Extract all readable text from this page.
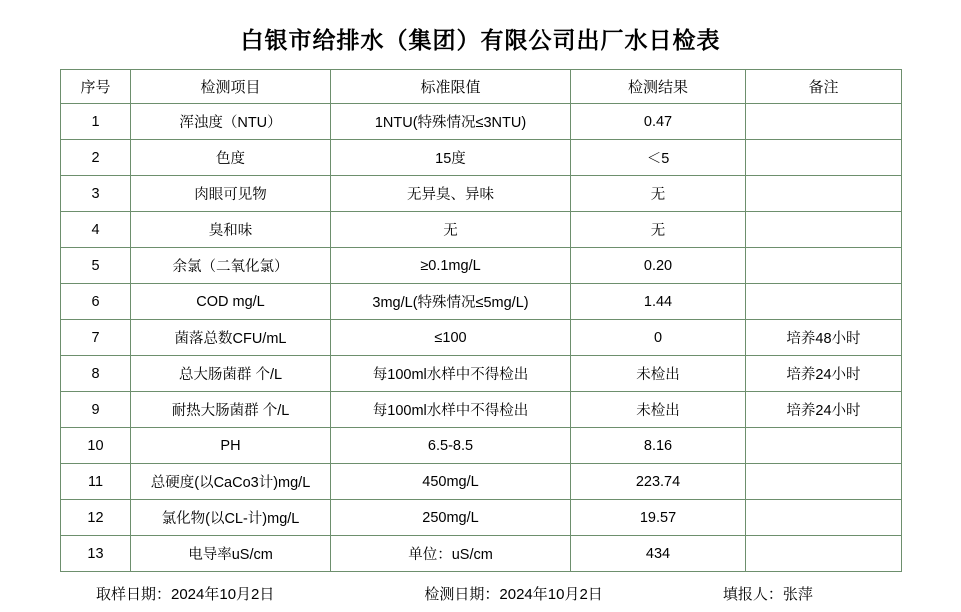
白银市给排水（集团）有限公司出厂水日检表
序号	检测项目	标准限值	检测结果	备注
1	浑浊度（NTU）	1NTU(特殊情况≤3NTU)	0.47	
2	色度	15度	＜5	
3	肉眼可见物	无异臭、异味	无	
4	臭和味	无	无	
5	余氯（二氧化氯）	≥0.1mg/L	0.20	
6	COD mg/L	3mg/L(特殊情况≤5mg/L)	1.44	
7	菌落总数CFU/mL	≤100	0	培养48小时
8	总大肠菌群 个/L	每100ml水样中不得检出	未检出	培养24小时
9	耐热大肠菌群 个/L	每100ml水样中不得检出	未检出	培养24小时
10	PH	6.5-8.5	8.16	
11	总硬度(以CaCo3计)mg/L	450mg/L	223.74	
12	氯化物(以CL-计)mg/L	250mg/L	19.57	
13	电导率uS/cm	单位：uS/cm	434	
取样日期：2024年10月2日	检测日期：2024年10月2日	填报人：张萍
